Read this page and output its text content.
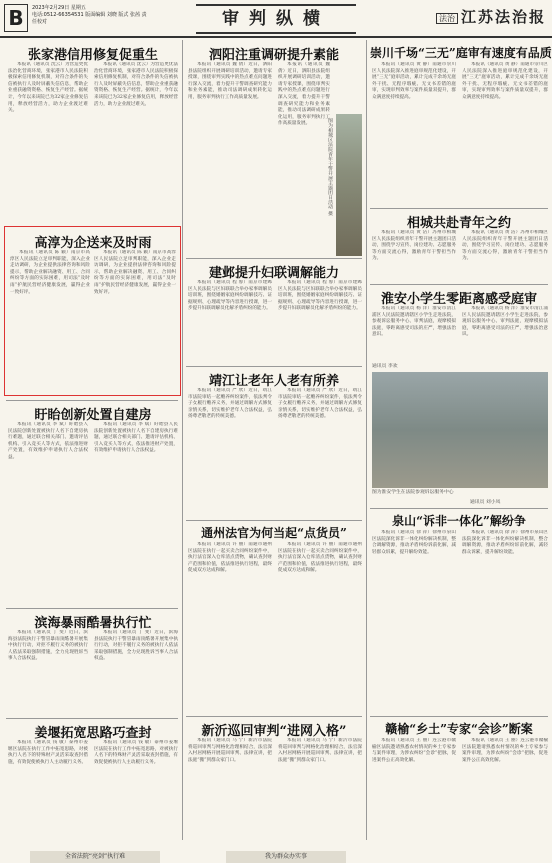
B	2023年2月29日 星期五
电话:0512-66354531 版面编辑 刘晓 版式 张茜 责任校对	审判纵横	法治 江苏法治报
张家港信用修复促重生
本报讯（通讯员 沈云）为营造更优法治化营商环境，张家港市人民法院积极探索信用修复机制，对符合条件的失信被执行人及时屏蔽失信信息，帮助企业重获融资资格、恢复生产经营。据统计，今年以来该院已为32家企业修复信用，释放经营活力，助力企业渡过难关。
本报讯（通讯员 沈云）为营造更优法治化营商环境，张家港市人民法院积极探索信用修复机制，对符合条件的失信被执行人及时屏蔽失信信息，帮助企业重获融资资格、恢复生产经营。据统计，今年以来该院已为32家企业修复信用，释放经营活力，助力企业渡过难关。
高淳为企送来及时雨
本报讯（通讯员 陈 颖）南京市高淳区人民法院立足审判职能，深入企业走访调研，为企业提供法律咨询和风险提示，帮助企业解决融资、用工、合同纠纷等方面的实际困难，用司法“及时雨”护航民营经济健康发展，赢得企业一致好评。
本报讯（通讯员 陈 颖）南京市高淳区人民法院立足审判职能，深入企业走访调研，为企业提供法律咨询和风险提示，帮助企业解决融资、用工、合同纠纷等方面的实际困难，用司法“及时雨”护航民营经济健康发展，赢得企业一致好评。
盱眙创新处置自建房
本报讯（通讯员 李 斌）盱眙县人民法院创新处置被执行人名下自建房执行难题，通过联合相关部门、邀请评估机构、引入竞买人等方式，依法推进财产处置，有效维护申请执行人合法权益。
本报讯（通讯员 李 斌）盱眙县人民法院创新处置被执行人名下自建房执行难题，通过联合相关部门、邀请评估机构、引入竞买人等方式，依法推进财产处置，有效维护申请执行人合法权益。
滨海暴雨酷暑执行忙
本报讯（通讯员 丁 斐）近日，滨海县法院执行干警冒暴雨顶酷暑开展集中执行行动，对拒不履行义务的被执行人依法采取强制措施，全力兑现胜诉当事人合法权益。
本报讯（通讯员 丁 斐）近日，滨海县法院执行干警冒暴雨顶酷暑开展集中执行行动，对拒不履行义务的被执行人依法采取强制措施，全力兑现胜诉当事人合法权益。
姜堰拓宽思路巧查封
本报讯（通讯员 钱 敏）泰州市姜堰区法院在执行工作中拓宽思路，对被执行人名下的特殊财产灵活采取查封措施，有效促使被执行人主动履行义务。
本报讯（通讯员 钱 敏）泰州市姜堰区法院在执行工作中拓宽思路，对被执行人名下的特殊财产灵活采取查封措施，有效促使被执行人主动履行义务。
泗阳注重调研提升素能
本报讯（通讯员 魏 倩）近日，泗阳县法院组织开展调研培训活动，邀请专家授课，围绕审判实践中的热点难点问题进行深入交流，着力提升干警调查研究能力和业务素能，推动司法调研成果转化运用，服务审判执行工作高质量发展。
本报讯（通讯员 魏 倩）近日，泗阳县法院组织开展调研培训活动，邀请专家授课，围绕审判实践中的热点难点问题进行深入交流，着力提升干警调查研究能力和业务素能，推动司法调研成果转化运用，服务审判执行工作高质量发展。	图为相城区法院青年干警开展主题团日活动 摄
建邺提升妇联调解能力
本报讯（通讯员 程 蓉）南京市建邺区人民法院与区妇联联合举办家事调解员培训班，围绕婚姻家庭纠纷调解技巧、证据规则、心理疏导等内容进行授课，进一步提升妇联调解员化解矛盾纠纷的能力。
本报讯（通讯员 程 蓉）南京市建邺区人民法院与区妇联联合举办家事调解员培训班，围绕婚姻家庭纠纷调解技巧、证据规则、心理疏导等内容进行授课，进一步提升妇联调解员化解矛盾纠纷的能力。
靖江让老年人老有所养
本报讯（通讯员 严 欣）近日，靖江市法院审结一起赡养纠纷案件，依法判令子女履行赡养义务，并通过调解方式修复亲情关系，切实维护老年人合法权益，弘扬尊老敬老的传统美德。
本报讯（通讯员 严 欣）近日，靖江市法院审结一起赡养纠纷案件，依法判令子女履行赡养义务，并通过调解方式修复亲情关系，切实维护老年人合法权益，弘扬尊老敬老的传统美德。
通州法官为何当起“点货员”
本报讯（通讯员 许 丽）南通市通州区法院在执行一起买卖合同纠纷案件中，执行法官深入仓库清点货物，确认查封财产范围和价值，依法推进执行进程，最终促成双方达成和解。
本报讯（通讯员 许 丽）南通市通州区法院在执行一起买卖合同纠纷案件中，执行法官深入仓库清点货物，确认查封财产范围和价值，依法推进执行进程，最终促成双方达成和解。
新沂巡回审判“进网入格”
本报讯（通讯员 马 宁）新沂市法院将巡回审判与网格化治理相结合，法官深入村居网格开展巡回审判、法律宣讲，把法庭“搬”到群众家门口。
本报讯（通讯员 马 宁）新沂市法院将巡回审判与网格化治理相结合，法官深入村居网格开展巡回审判、法律宣讲，把法庭“搬”到群众家门口。
崇川千场“三无”庭审有速度有品质
本报讯（通讯员 黄 静）南通市崇川区人民法院深入推进庭审规范化建设，开展“三无”庭审活动，累计完成千余场无庭外干扰、无程序瑕疵、无文书差错的庭审，实现审判效率与案件质量双提升，群众满意度持续提高。
本报讯（通讯员 黄 静）南通市崇川区人民法院深入推进庭审规范化建设，开展“三无”庭审活动，累计完成千余场无庭外干扰、无程序瑕疵、无文书差错的庭审，实现审判效率与案件质量双提升，群众满意度持续提高。
相城共赴青年之约
本报讯（通讯员 黄 洁）苏州市相城区人民法院组织青年干警开展主题团日活动，围绕学习宣传、岗位建功、志愿服务等方面交流心得，激励青年干警担当作为。
本报讯（通讯员 黄 洁）苏州市相城区人民法院组织青年干警开展主题团日活动，围绕学习宣传、岗位建功、志愿服务等方面交流心得，激励青年干警担当作为。
淮安小学生零距离感受庭审
本报讯（通讯员 杨 洋）淮安市清江浦区人民法院邀请辖区小学生走进法院，参观诉讼服务中心、审判法庭，观摩模拟法庭，零距离感受司法的庄严，增强法治意识。
本报讯（通讯员 杨 洋）淮安市清江浦区人民法院邀请辖区小学生走进法院，参观诉讼服务中心、审判法庭，观摩模拟法庭，零距离感受司法的庄严，增强法治意识。
通讯员 李欢
图为淮安学生在法院参观诉讼服务中心
通讯员 刘小凤
泉山“诉非一体化”解纷争
本报讯（通讯员 徐 萍）徐州市泉山区法院深化诉非一体化纠纷解决机制，整合调解资源，推动矛盾纠纷诉前化解，减轻群众诉累，提升解纷效能。
本报讯（通讯员 徐 萍）徐州市泉山区法院深化诉非一体化纠纷解决机制，整合调解资源，推动矛盾纠纷诉前化解，减轻群众诉累，提升解纷效能。
赣榆“乡土”专家“会诊”断案
本报讯（通讯员 王 丽）连云港市赣榆区法院邀请熟悉农村情况的乡土专家参与案件审理，为涉农纠纷“会诊”把脉，促进案件公正高效化解。
本报讯（通讯员 王 丽）连云港市赣榆区法院邀请熟悉农村情况的乡土专家参与案件审理，为涉农纠纷“会诊”把脉，促进案件公正高效化解。
全省法院“亮剑”执行难	我为群众办实事
